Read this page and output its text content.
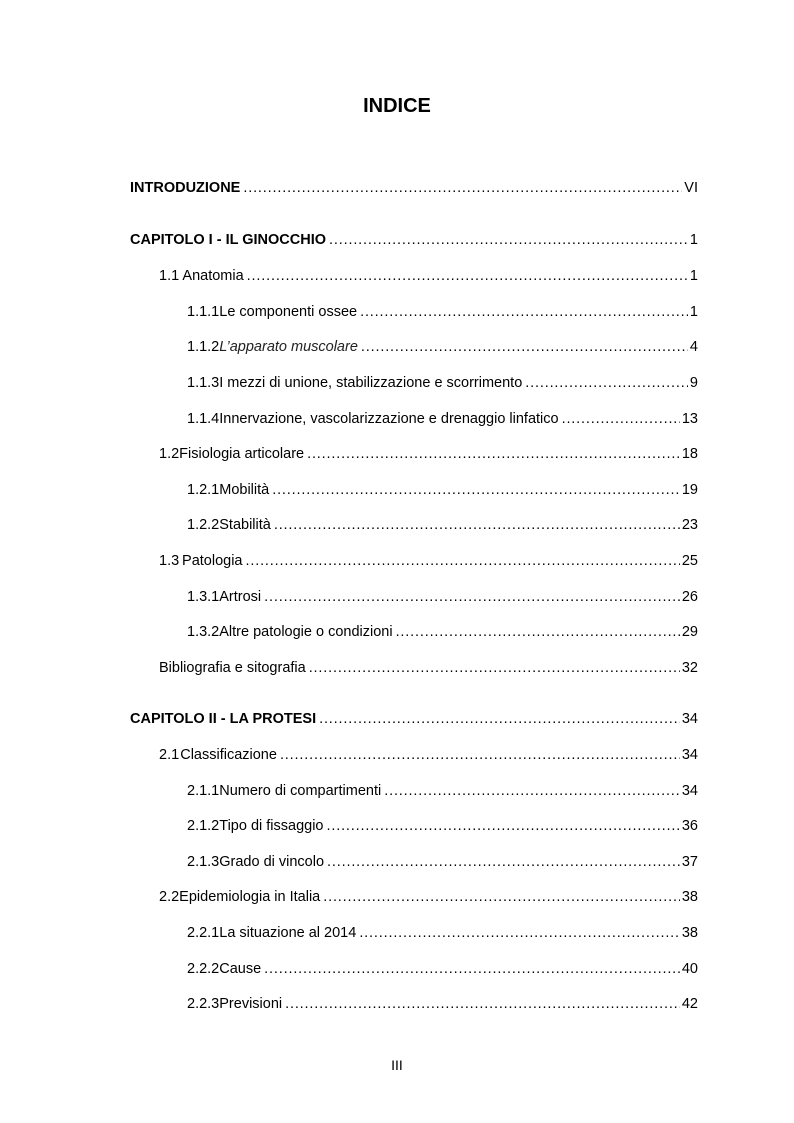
INDICE
INTRODUZIONE . . .	VI
CAPITOLO I - IL GINOCCHIO . . .	1
1.1 Anatomia . . .	1
1.1.1 Le componenti ossee . . .	1
1.1.2 L’apparato muscolare . . .	4
1.1.3 I mezzi di unione, stabilizzazione e scorrimento . . .	9
1.1.4 Innervazione, vascolarizzazione e drenaggio linfatico . . .	13
1.2 Fisiologia articolare . . .	18
1.2.1 Mobilità . . .	19
1.2.2 Stabilità . . .	23
1.3 Patologia . . .	25
1.3.1 Artrosi . . .	26
1.3.2 Altre patologie o condizioni . . .	29
Bibliografia e sitografia . . .	32
CAPITOLO II - LA PROTESI . . .	34
2.1 Classificazione . . .	34
2.1.1 Numero di compartimenti . . .	34
2.1.2 Tipo di fissaggio . . .	36
2.1.3 Grado di vincolo . . .	37
2.2 Epidemiologia in Italia . . .	38
2.2.1 La situazione al 2014 . . .	38
2.2.2 Cause . . .	40
2.2.3 Previsioni . . .	42
III
